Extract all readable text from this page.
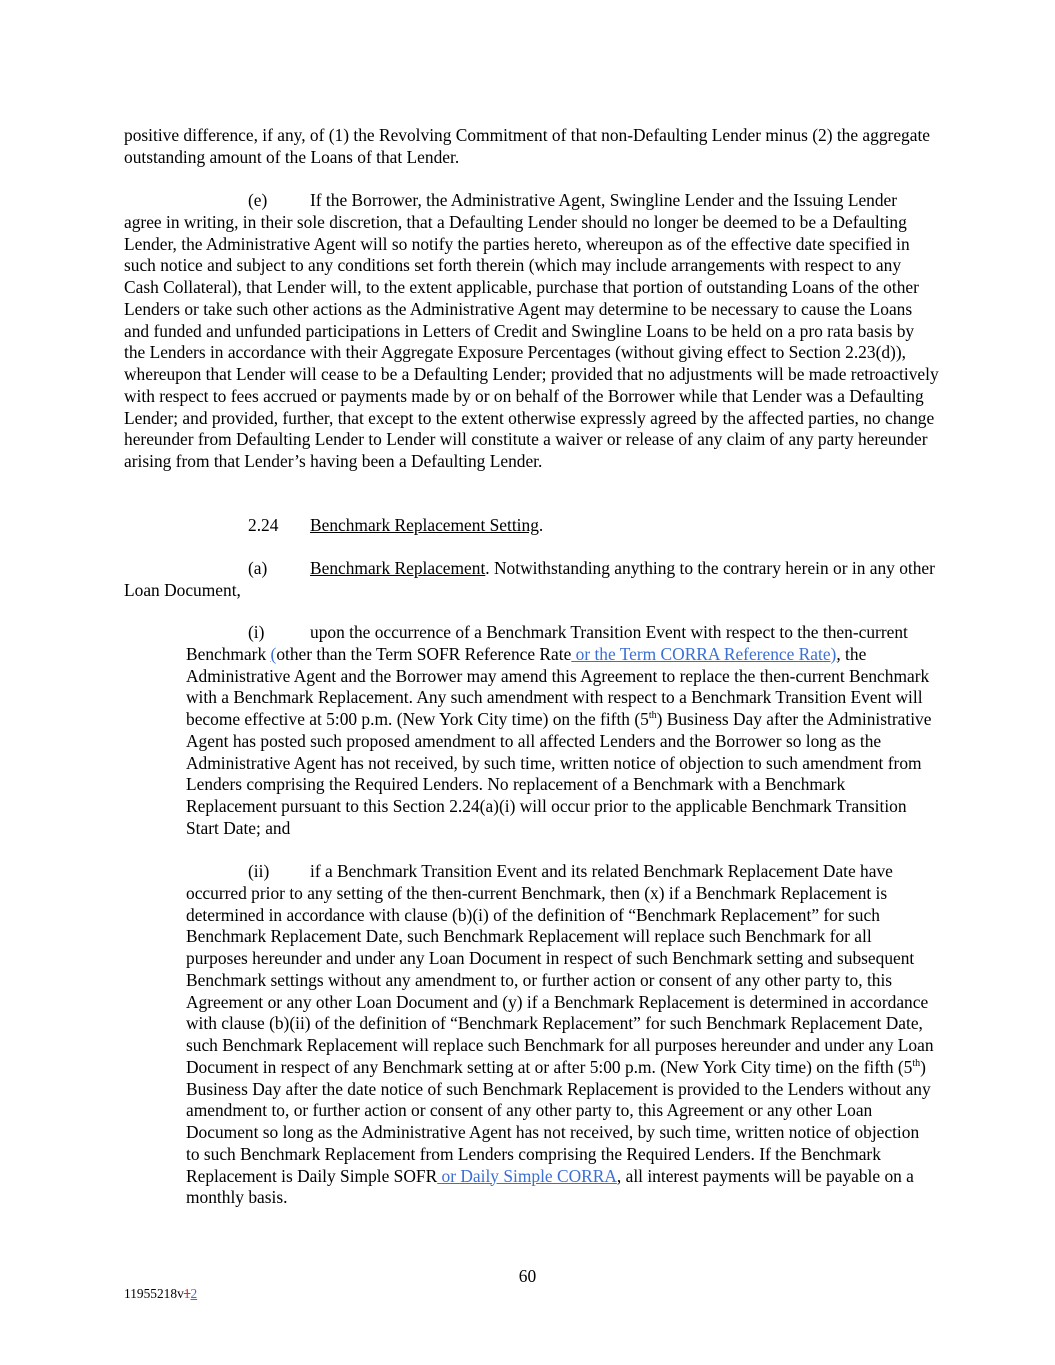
positive difference, if any, of (1) the Revolving Commitment of that non-Defaulting Lender minus (2) the aggregate outstanding amount of the Loans of that Lender.

(e) If the Borrower, the Administrative Agent, Swingline Lender and the Issuing Lender agree in writing, in their sole discretion, that a Defaulting Lender should no longer be deemed to be a Defaulting Lender, the Administrative Agent will so notify the parties hereto, whereupon as of the effective date specified in such notice and subject to any conditions set forth therein (which may include arrangements with respect to any Cash Collateral), that Lender will, to the extent applicable, purchase that portion of outstanding Loans of the other Lenders or take such other actions as the Administrative Agent may determine to be necessary to cause the Loans and funded and unfunded participations in Letters of Credit and Swingline Loans to be held on a pro rata basis by the Lenders in accordance with their Aggregate Exposure Percentages (without giving effect to Section 2.23(d)), whereupon that Lender will cease to be a Defaulting Lender; provided that no adjustments will be made retroactively with respect to fees accrued or payments made by or on behalf of the Borrower while that Lender was a Defaulting Lender; and provided, further, that except to the extent otherwise expressly agreed by the affected parties, no change hereunder from Defaulting Lender to Lender will constitute a waiver or release of any claim of any party hereunder arising from that Lender’s having been a Defaulting Lender.

2.24 Benchmark Replacement Setting.

(a) Benchmark Replacement. Notwithstanding anything to the contrary herein or in any other Loan Document,

(i)	upon the occurrence of a Benchmark Transition Event with respect to the then-current Benchmark (other than the Term SOFR Reference Rate or the Term CORRA Reference Rate), the Administrative Agent and the Borrower may amend this Agreement to replace the then-current Benchmark with a Benchmark Replacement. Any such amendment with respect to a Benchmark Transition Event will become effective at 5:00 p.m. (New York City time) on the fifth (5th) Business Day after the Administrative Agent has posted such proposed amendment to all affected Lenders and the Borrower so long as the Administrative Agent has not received, by such time, written notice of objection to such amendment from Lenders comprising the Required Lenders. No replacement of a Benchmark with a Benchmark Replacement pursuant to this Section 2.24(a)(i) will occur prior to the applicable Benchmark Transition Start Date; and

(ii) if a Benchmark Transition Event and its related Benchmark Replacement Date have occurred prior to any setting of the then-current Benchmark, then (x) if a Benchmark Replacement is determined in accordance with clause (b)(i) of the definition of “Benchmark Replacement” for such Benchmark Replacement Date, such Benchmark Replacement will replace such Benchmark for all purposes hereunder and under any Loan Document in respect of such Benchmark setting and subsequent Benchmark settings without any amendment to, or further action or consent of any other party to, this Agreement or any other Loan Document and (y) if a Benchmark Replacement is determined in accordance with clause (b)(ii) of the definition of “Benchmark Replacement” for such Benchmark Replacement Date, such Benchmark Replacement will replace such Benchmark for all purposes hereunder and under any Loan Document in respect of any Benchmark setting at or after 5:00 p.m. (New York City time) on the fifth (5th) Business Day after the date notice of such Benchmark Replacement is provided to the Lenders without any amendment to, or further action or consent of any other party to, this Agreement or any other Loan Document so long as the Administrative Agent has not received, by such time, written notice of objection to such Benchmark Replacement from Lenders comprising the Required Lenders. If the Benchmark Replacement is Daily Simple SOFR or Daily Simple CORRA, all interest payments will be payable on a monthly basis.

60

11955218v12
